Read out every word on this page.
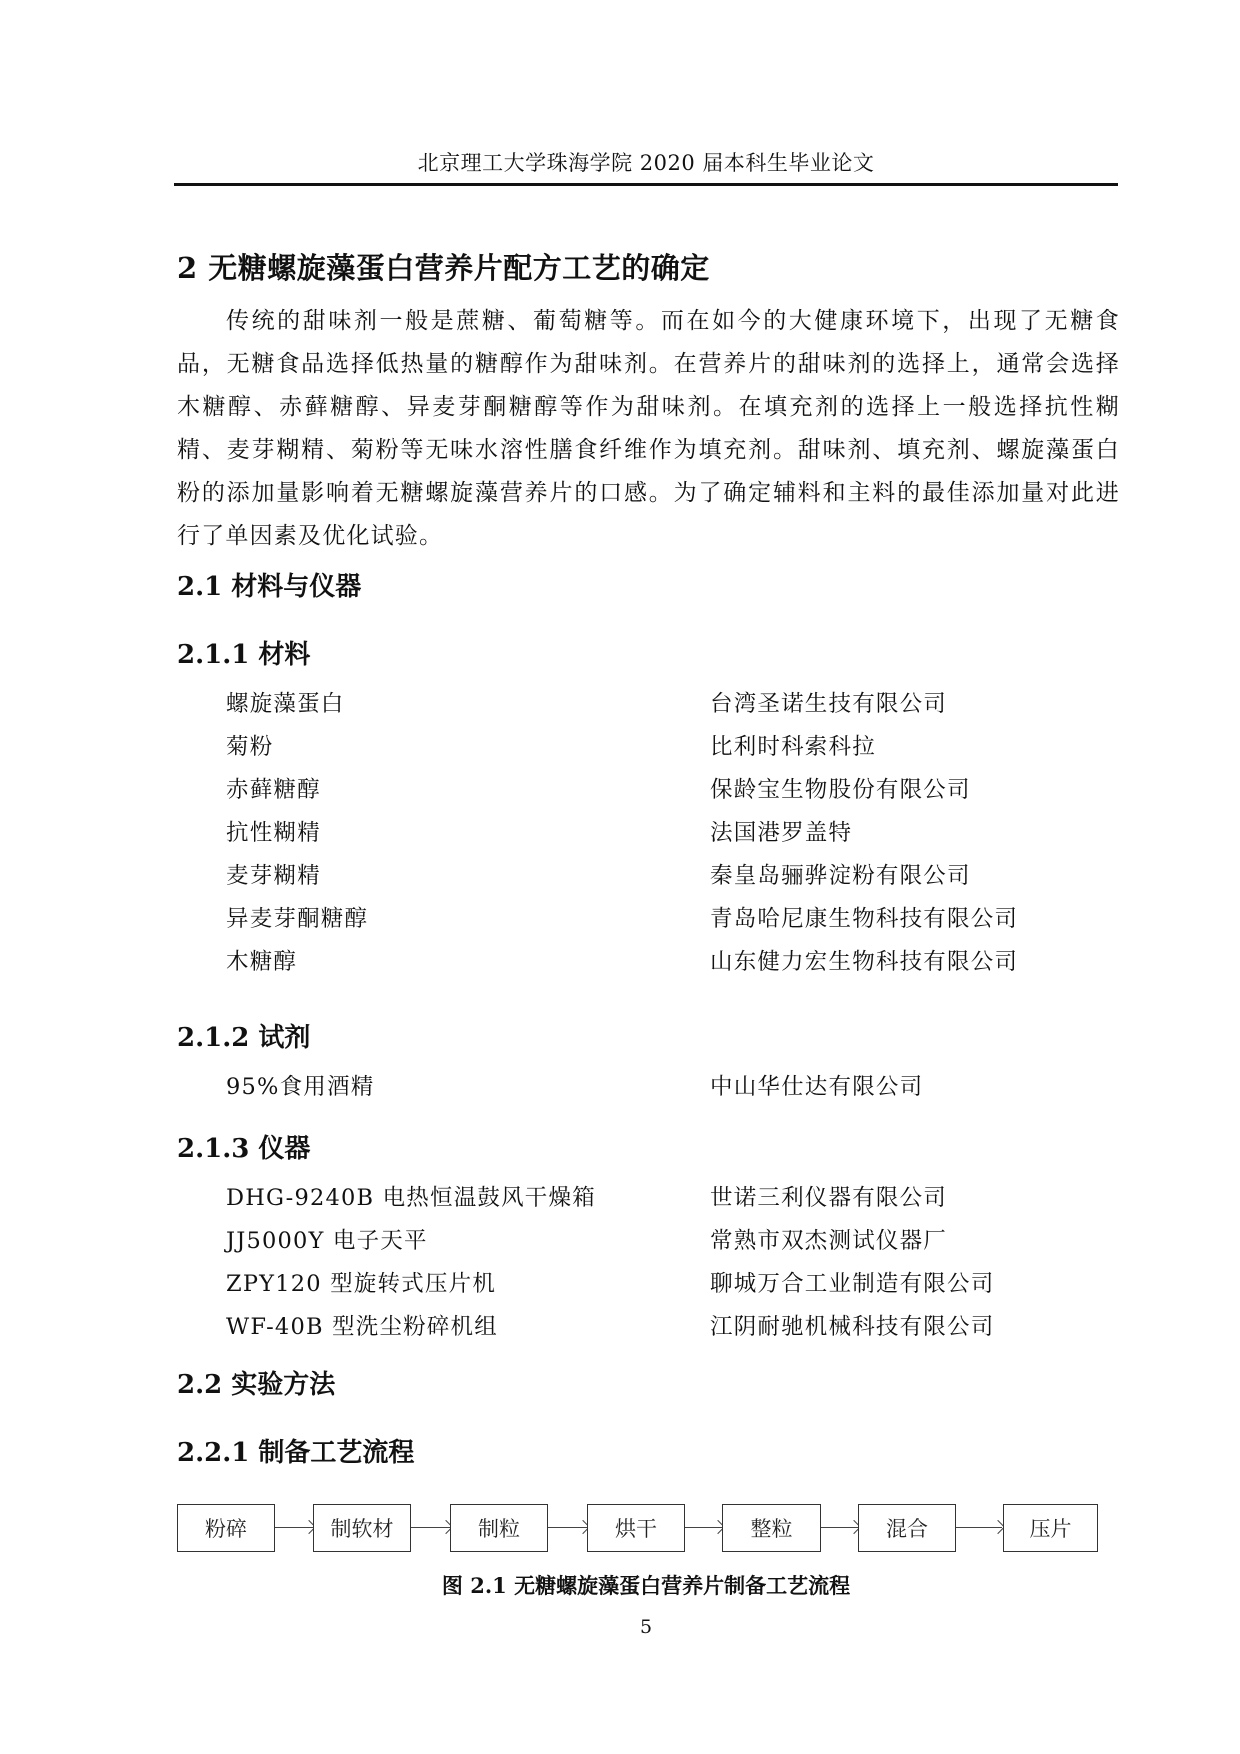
北京理工大学珠海学院 2020 届本科生毕业论文
2 无糖螺旋藻蛋白营养片配方工艺的确定

传统的甜味剂一般是蔗糖、葡萄糖等。而在如今的大健康环境下，出现了无糖食品，无糖食品选择低热量的糖醇作为甜味剂。在营养片的甜味剂的选择上，通常会选择木糖醇、赤藓糖醇、异麦芽酮糖醇等作为甜味剂。在填充剂的选择上一般选择抗性糊精、麦芽糊精、菊粉等无味水溶性膳食纤维作为填充剂。甜味剂、填充剂、螺旋藻蛋白粉的添加量影响着无糖螺旋藻营养片的口感。为了确定辅料和主料的最佳添加量对此进行了单因素及优化试验。

2.1 材料与仪器
2.1.1 材料
螺旋藻蛋白	台湾圣诺生技有限公司
菊粉	比利时科索科拉
赤藓糖醇	保龄宝生物股份有限公司
抗性糊精	法国港罗盖特
麦芽糊精	秦皇岛骊骅淀粉有限公司
异麦芽酮糖醇	青岛哈尼康生物科技有限公司
木糖醇	山东健力宏生物科技有限公司
2.1.2 试剂
95%食用酒精	中山华仕达有限公司
2.1.3 仪器
DHG-9240B 电热恒温鼓风干燥箱	世诺三利仪器有限公司
JJ5000Y 电子天平	常熟市双杰测试仪器厂
ZPY120 型旋转式压片机	聊城万合工业制造有限公司
WF-40B 型洗尘粉碎机组	江阴耐驰机械科技有限公司
2.2 实验方法
2.2.1 制备工艺流程
粉碎	制软材	制粒	烘干	整粒	混合	压片
图 2.1 无糖螺旋藻蛋白营养片制备工艺流程
5
